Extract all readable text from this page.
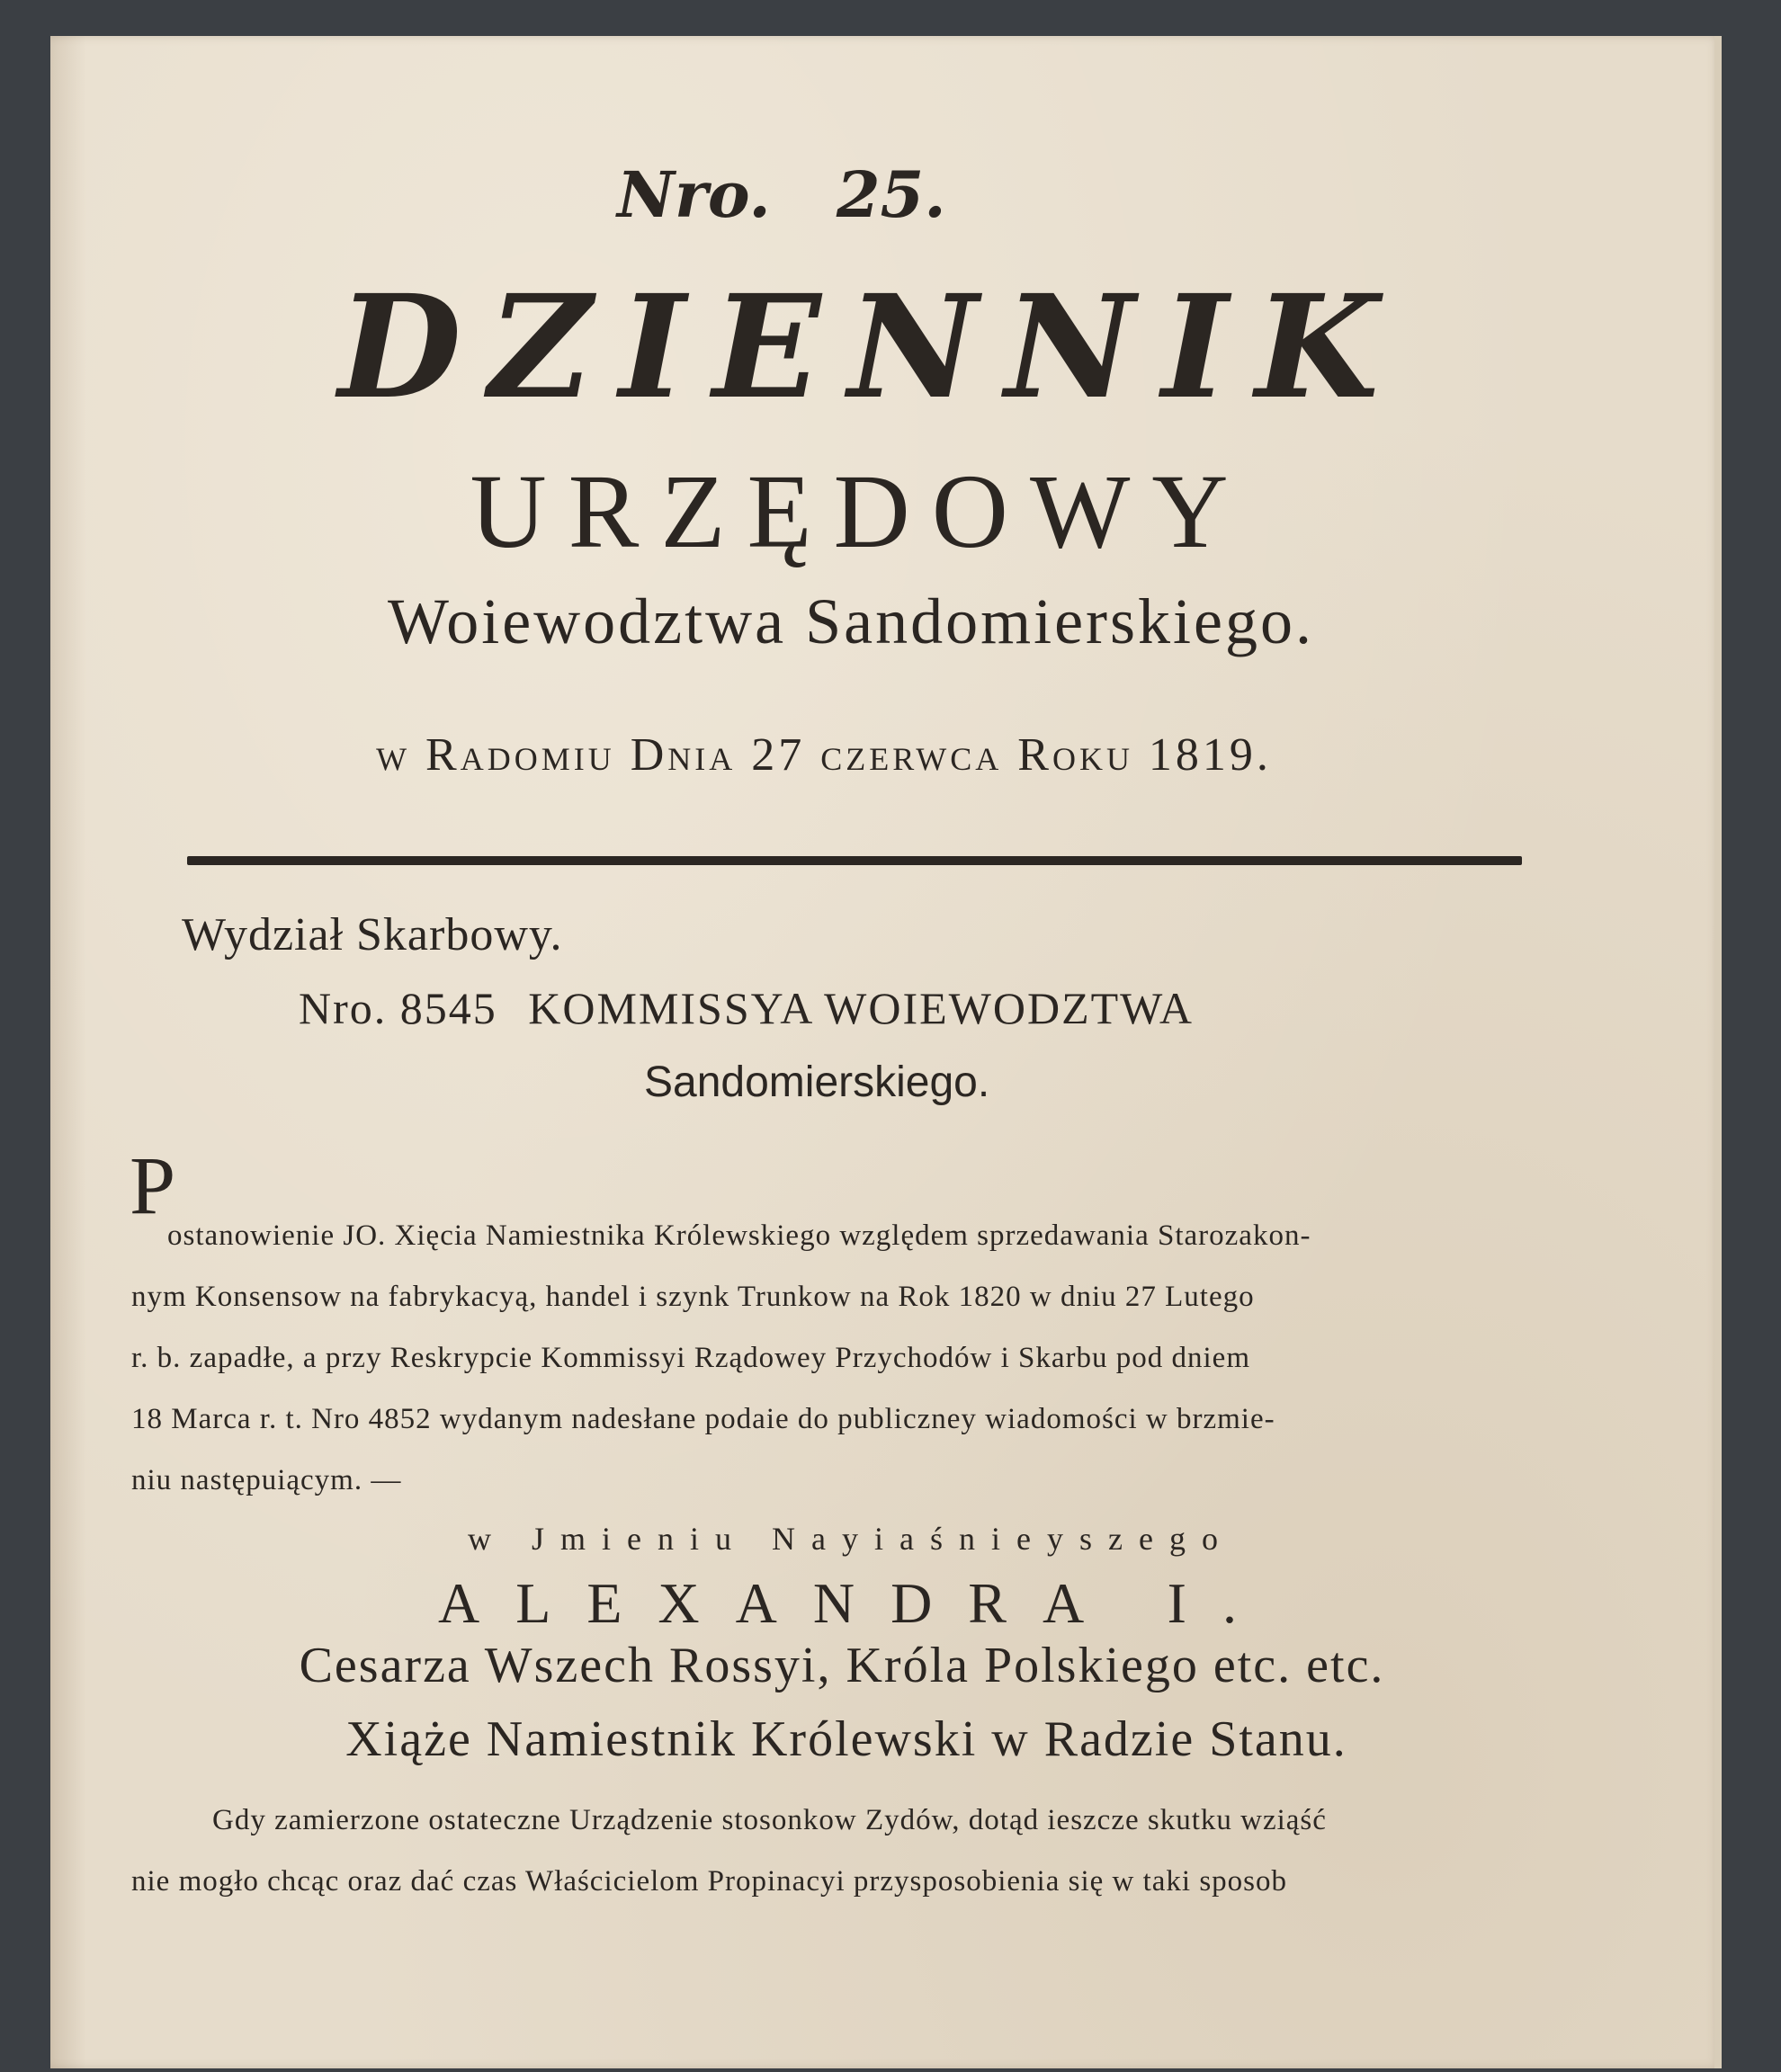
Nro. 25.
DZIENNIK
URZĘDOWY
Woiewodztwa Sandomierskiego.
w Radomiu Dnia 27 czerwca Roku 1819.
Wydział Skarbowy.
Nro. 8545 KOMMISSYA WOIEWODZTWA
Sandomierskiego.
P
ostanowienie JO. Xięcia Namiestnika Królewskiego względem sprzedawania Starozakon-
nym Konsensow na fabrykacyą, handel i szynk Trunkow na Rok 1820 w dniu 27 Lutego
r. b. zapadłe, a przy Reskrypcie Kommissyi Rządowey Przychodów i Skarbu pod dniem
18 Marca r. t. Nro 4852 wydanym nadesłane podaie do publiczney wiadomości w brzmie-
niu następuiącym. —
w Jmieniu Nayiaśnieyszego
ALEXANDRA I.
Cesarza Wszech Rossyi, Króla Polskiego etc. etc.
Xiąże Namiestnik Królewski w Radzie Stanu.
Gdy zamierzone ostateczne Urządzenie stosonkow Zydów, dotąd ieszcze skutku wziąść
nie mogło chcąc oraz dać czas Właścicielom Propinacyi przysposobienia się w taki sposob
